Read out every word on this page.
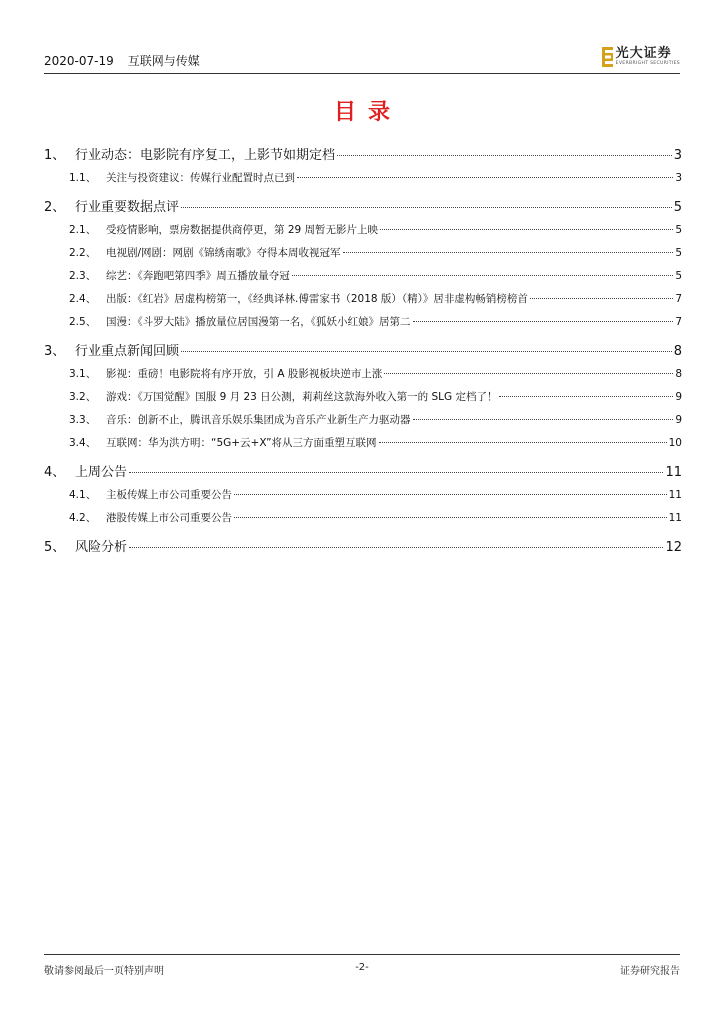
2020-07-19 互联网与传媒	光大证券
EVERBRIGHT SECURITIES
目录
1、 行业动态：电影院有序复工，上影节如期定档	3
1.1、 关注与投资建议：传媒行业配置时点已到	3
2、 行业重要数据点评	5
2.1、 受疫情影响，票房数据提供商停更，第 29 周暂无影片上映	5
2.2、 电视剧/网剧：网剧《锦绣南歌》夺得本周收视冠军	5
2.3、 综艺：《奔跑吧第四季》周五播放量夺冠	5
2.4、 出版：《红岩》居虚构榜第一，《经典译林.傅雷家书（2018 版）（精）》居非虚构畅销榜榜首	7
2.5、 国漫：《斗罗大陆》播放量位居国漫第一名，《狐妖小红娘》居第二	7
3、 行业重点新闻回顾	8
3.1、 影视：重磅！电影院将有序开放，引 A 股影视板块逆市上涨	8
3.2、 游戏：《万国觉醒》国服 9 月 23 日公测，莉莉丝这款海外收入第一的 SLG 定档了！	9
3.3、 音乐：创新不止，腾讯音乐娱乐集团成为音乐产业新生产力驱动器	9
3.4、 互联网：华为洪方明：“5G+云+X”将从三方面重塑互联网	10
4、 上周公告	11
4.1、 主板传媒上市公司重要公告	11
4.2、 港股传媒上市公司重要公告	11
5、 风险分析	12
敬请参阅最后一页特别声明	-2-	证券研究报告
